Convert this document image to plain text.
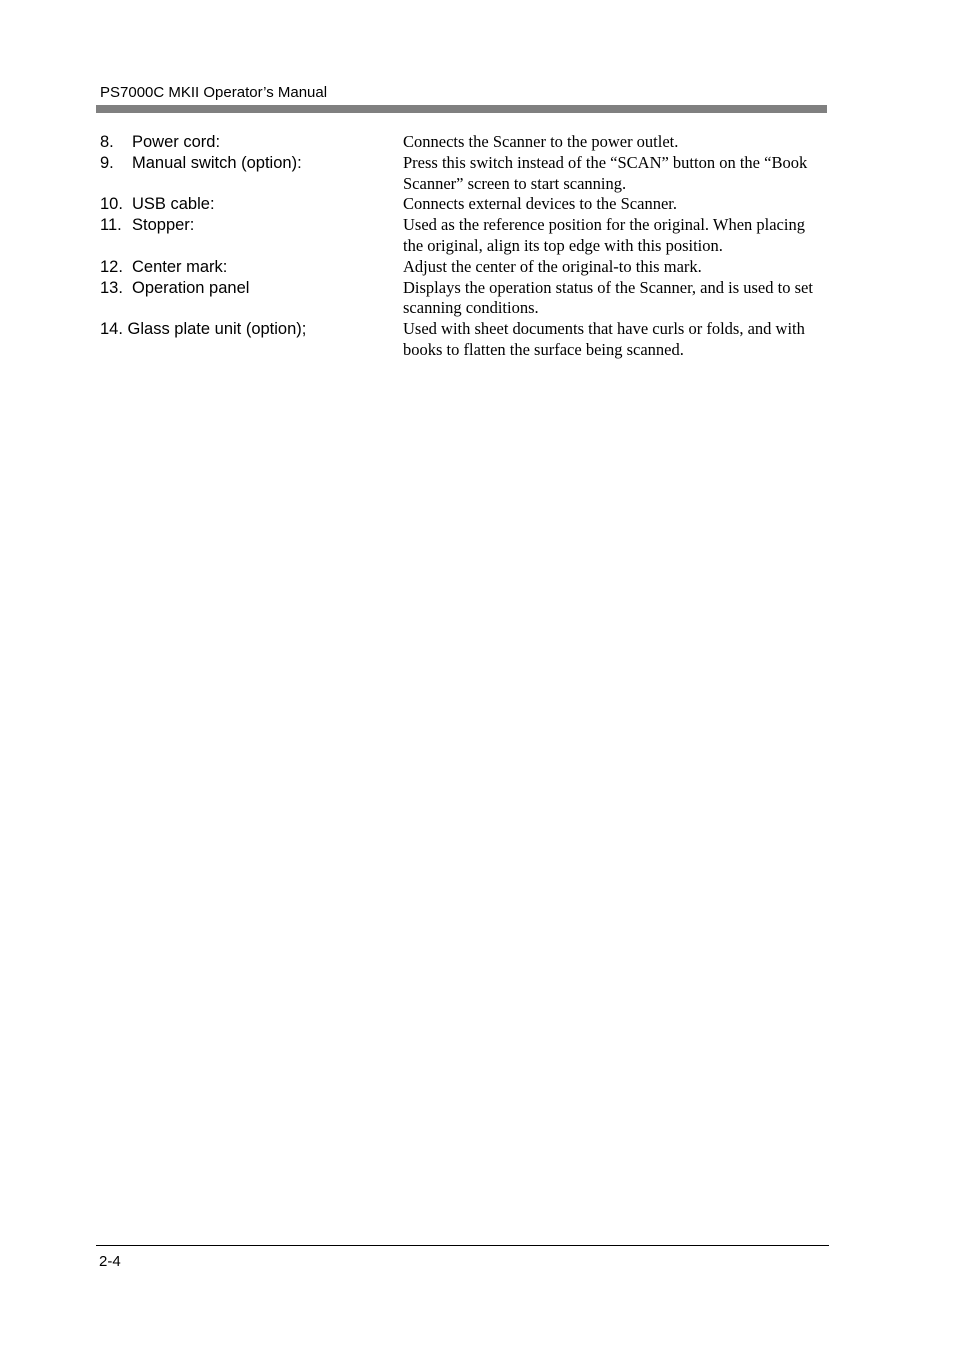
PS7000C MKII Operator’s Manual
8. Power cord:	Connects the Scanner to the power outlet.
9. Manual switch (option):	Press this switch instead of the “SCAN” button on the “Book Scanner” screen to start scanning.
10. USB cable:	Connects external devices to the Scanner.
11. Stopper:	Used as the reference position for the original. When placing the original, align its top edge with this position.
12. Center mark:	Adjust the center of the original-to this mark.
13. Operation panel	Displays the operation status of the Scanner, and is used to set scanning conditions.
14. Glass plate unit (option);	Used with sheet documents that have curls or folds, and with books to flatten the surface being scanned.
2-4
